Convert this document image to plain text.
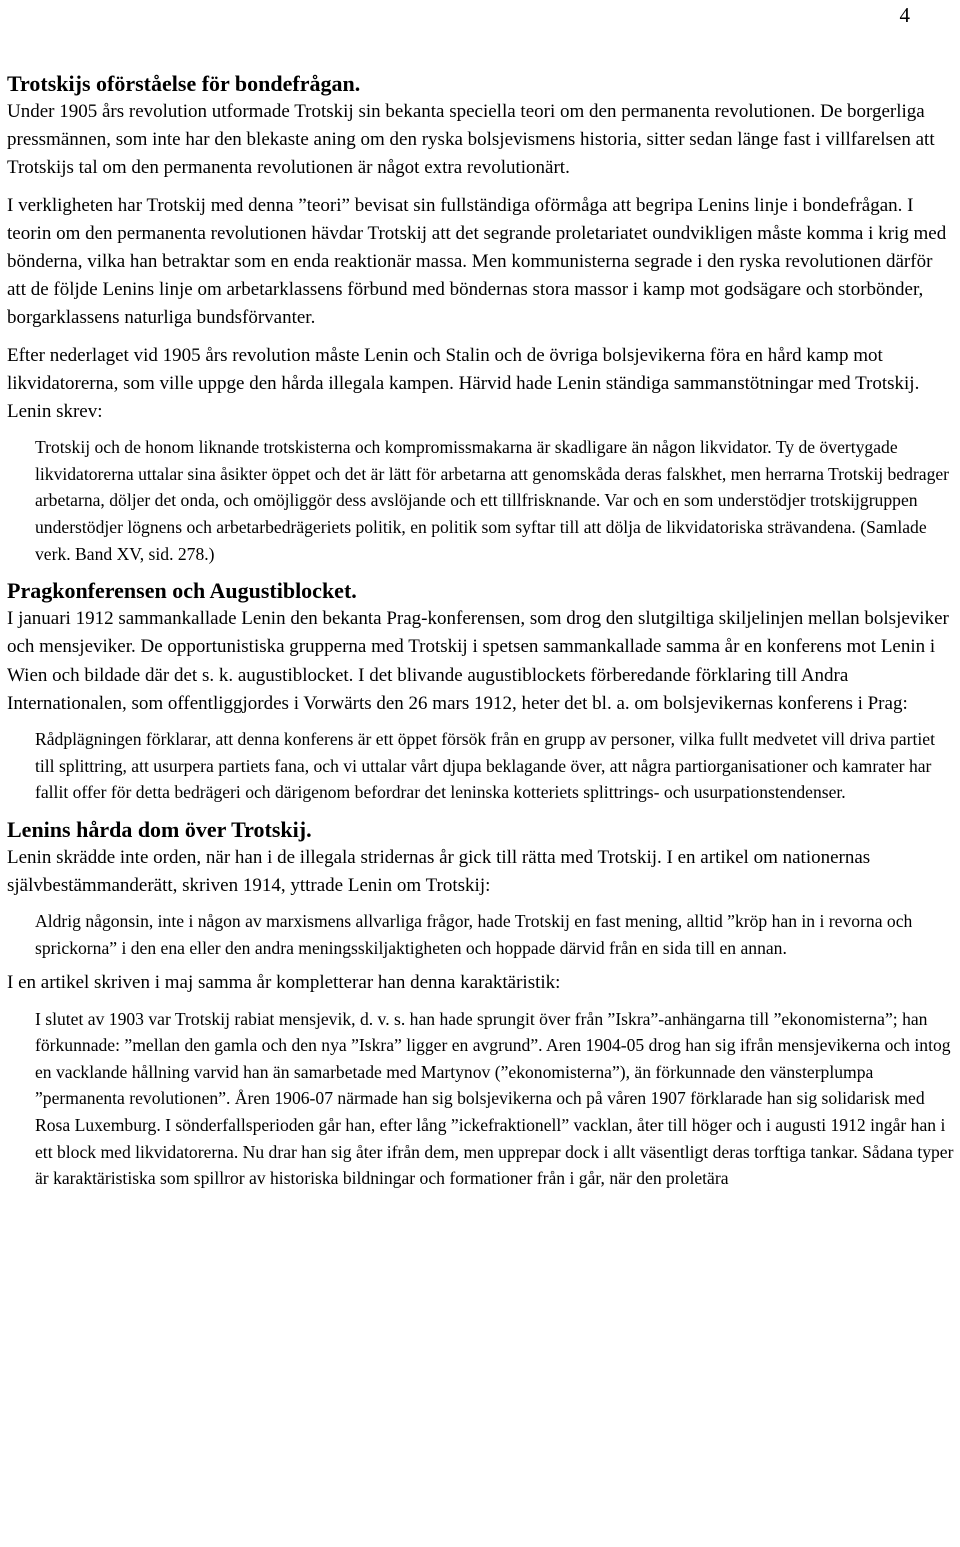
4
Trotskijs oförståelse för bondefrågan.

Under 1905 års revolution utformade Trotskij sin bekanta speciella teori om den permanenta revolutionen. De borgerliga pressmännen, som inte har den blekaste aning om den ryska bolsjevismens historia, sitter sedan länge fast i villfarelsen att Trotskijs tal om den permanenta revolutionen är något extra revolutionärt.

I verkligheten har Trotskij med denna ”teori” bevisat sin fullständiga oförmåga att begripa Lenins linje i bondefrågan. I teorin om den permanenta revolutionen hävdar Trotskij att det segrande proletariatet oundvikligen måste komma i krig med bönderna, vilka han betraktar som en enda reaktionär massa. Men kommunisterna segrade i den ryska revolutionen därför att de följde Lenins linje om arbetarklassens förbund med böndernas stora massor i kamp mot godsägare och storbönder, borgarklassens naturliga bundsförvanter.

Efter nederlaget vid 1905 års revolution måste Lenin och Stalin och de övriga bolsjevikerna föra en hård kamp mot likvidatorerna, som ville uppge den hårda illegala kampen. Härvid hade Lenin ständiga sammanstötningar med Trotskij. Lenin skrev:

Trotskij och de honom liknande trotskisterna och kompromissmakarna är skadligare än någon likvidator. Ty de övertygade likvidatorerna uttalar sina åsikter öppet och det är lätt för arbetarna att genomskåda deras falskhet, men herrarna Trotskij bedrager arbetarna, döljer det onda, och omöjliggör dess avslöjande och ett tillfrisknande. Var och en som understödjer trotskijgruppen understödjer lögnens och arbetarbedrägeriets politik, en politik som syftar till att dölja de likvidatoriska strävandena. (Samlade verk. Band XV, sid. 278.)
Pragkonferensen och Augustiblocket.

I januari 1912 sammankallade Lenin den bekanta Prag-konferensen, som drog den slutgiltiga skiljelinjen mellan bolsjeviker och mensjeviker. De opportunistiska grupperna med Trotskij i spetsen sammankallade samma år en konferens mot Lenin i Wien och bildade där det s. k. augustiblocket. I det blivande augustiblockets förberedande förklaring till Andra Internationalen, som offentliggjordes i Vorwärts den 26 mars 1912, heter det bl. a. om bolsjevikernas konferens i Prag:

Rådplägningen förklarar, att denna konferens är ett öppet försök från en grupp av personer, vilka fullt medvetet vill driva partiet till splittring, att usurpera partiets fana, och vi uttalar vårt djupa beklagande över, att några partiorganisationer och kamrater har fallit offer för detta bedrägeri och därigenom befordrar det leninska kotteriets splittrings- och usurpationstendenser.
Lenins hårda dom över Trotskij.

Lenin skrädde inte orden, när han i de illegala stridernas år gick till rätta med Trotskij. I en artikel om nationernas självbestämmanderätt, skriven 1914, yttrade Lenin om Trotskij:

Aldrig någonsin, inte i någon av marxismens allvarliga frågor, hade Trotskij en fast mening, alltid ”kröp han in i revorna och sprickorna” i den ena eller den andra meningsskiljaktigheten och hoppade därvid från en sida till en annan.

I en artikel skriven i maj samma år kompletterar han denna karaktäristik:

I slutet av 1903 var Trotskij rabiat mensjevik, d. v. s. han hade sprungit över från ”Iskra”-anhängarna till ”ekonomisterna”; han förkunnade: ”mellan den gamla och den nya ”Iskra” ligger en avgrund”. Aren 1904-05 drog han sig ifrån mensjevikerna och intog en vacklande hållning varvid han än samarbetade med Martynov (”ekonomisterna”), än förkunnade den vänsterplumpa ”permanenta revolutionen”. Åren 1906-07 närmade han sig bolsjevikerna och på våren 1907 förklarade han sig solidarisk med Rosa Luxemburg. I sönderfallsperioden går han, efter lång ”ickefraktionell” vacklan, åter till höger och i augusti 1912 ingår han i ett block med likvidatorerna. Nu drar han sig åter ifrån dem, men upprepar dock i allt väsentligt deras torftiga tankar. Sådana typer är karaktäristiska som spillror av historiska bildningar och formationer från i går, när den proletära
